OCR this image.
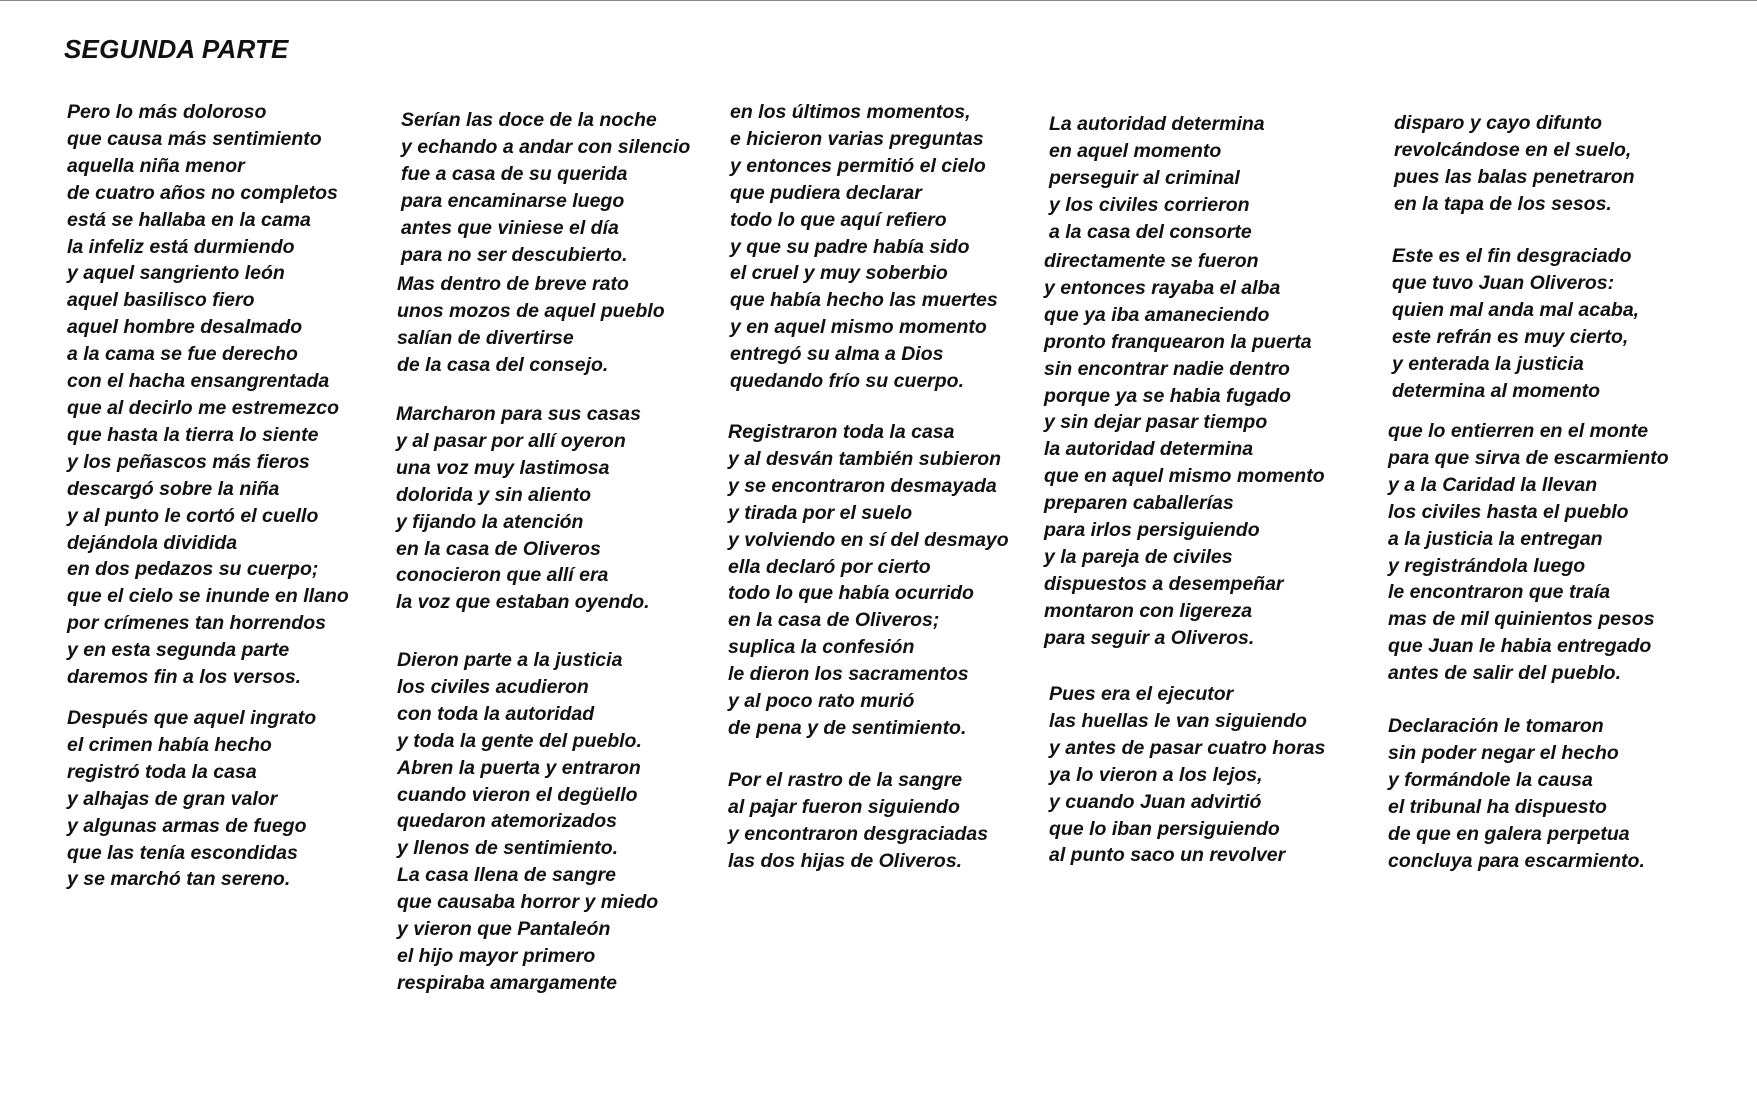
SEGUNDA PARTE
Pero lo más doloroso
que causa más sentimiento
aquella niña menor
de cuatro años no completos
está se hallaba en la cama
la infeliz está durmiendo
y aquel sangriento león
aquel basilisco fiero
aquel hombre desalmado
a la cama se fue derecho
con el hacha ensangrentada
que al decirlo me estremezco
que hasta la tierra lo siente
y los peñascos más fieros
descargó sobre la niña
y al punto le cortó el cuello
dejándola dividida
en dos pedazos su cuerpo;
que el cielo se inunde en llano
por crímenes tan horrendos
y en esta segunda parte
daremos fin a los versos.
Después que aquel ingrato
el crimen había hecho
registró toda la casa
y alhajas de gran valor
y algunas armas de fuego
que las tenía escondidas
y se marchó tan sereno.
Serían las doce de la noche
y echando a andar con silencio
fue a casa de su querida
para encaminarse luego
antes que viniese el día
para no ser descubierto.
Mas dentro de breve rato
unos mozos de aquel pueblo
salían de divertirse
de la casa del consejo.
Marcharon para sus casas
y al pasar por allí oyeron
una voz muy lastimosa
dolorida y sin aliento
y fijando la atención
en la casa de Oliveros
conocieron que allí era
la voz que estaban oyendo.
Dieron parte a la justicia
los civiles acudieron
con toda la autoridad
y toda la gente del pueblo.
Abren la puerta y entraron
cuando vieron el degüello
quedaron atemorizados
y llenos de sentimiento.
La casa llena de sangre
que causaba horror y miedo
y vieron que Pantaleón
el hijo mayor primero
respiraba amargamente
en los últimos momentos,
e hicieron varias preguntas
y entonces permitió el cielo
que pudiera declarar
todo lo que aquí refiero
y que su padre había sido
el cruel y muy soberbio
que había hecho las muertes
y en aquel mismo momento
entregó su alma a Dios
quedando frío su cuerpo.
Registraron toda la casa
y al desván también subieron
y se encontraron desmayada
y tirada por el suelo
y volviendo en sí del desmayo
ella declaró por cierto
todo lo que había ocurrido
en la casa de Oliveros;
suplica la confesión
le dieron los sacramentos
y al poco rato murió
de pena y de sentimiento.
Por el rastro de la sangre
al pajar fueron siguiendo
y encontraron desgraciadas
las dos hijas de Oliveros.
La autoridad determina
en aquel momento
perseguir al criminal
y los civiles corrieron
a la casa del consorte
directamente se fueron
y entonces rayaba el alba
que ya iba amaneciendo
pronto franquearon la puerta
sin encontrar nadie dentro
porque ya se habia fugado
y sin dejar pasar tiempo
la autoridad determina
que en aquel mismo momento
preparen caballerías
para irlos persiguiendo
y la pareja de civiles
dispuestos a desempeñar
montaron con ligereza
para seguir a Oliveros.
Pues era el ejecutor
las huellas le van siguiendo
y antes de pasar cuatro horas
ya lo vieron a los lejos,
y cuando Juan advirtió
que lo iban persiguiendo
al punto saco un revolver
disparo y cayo difunto
revolcándose en el suelo,
pues las balas penetraron
en la tapa de los sesos.
Este es el fin desgraciado
que tuvo Juan Oliveros:
quien mal anda mal acaba,
este refrán es muy cierto,
y enterada la justicia
determina al momento
que lo entierren en el monte
para que sirva de escarmiento
y a la Caridad la llevan
los civiles hasta el pueblo
a la justicia la entregan
y registrándola luego
le encontraron que traía
mas de mil quinientos pesos
que Juan le habia entregado
antes de salir del pueblo.
Declaración le tomaron
sin poder negar el hecho
y formándole la causa
el tribunal ha dispuesto
de que en galera perpetua
concluya para escarmiento.
